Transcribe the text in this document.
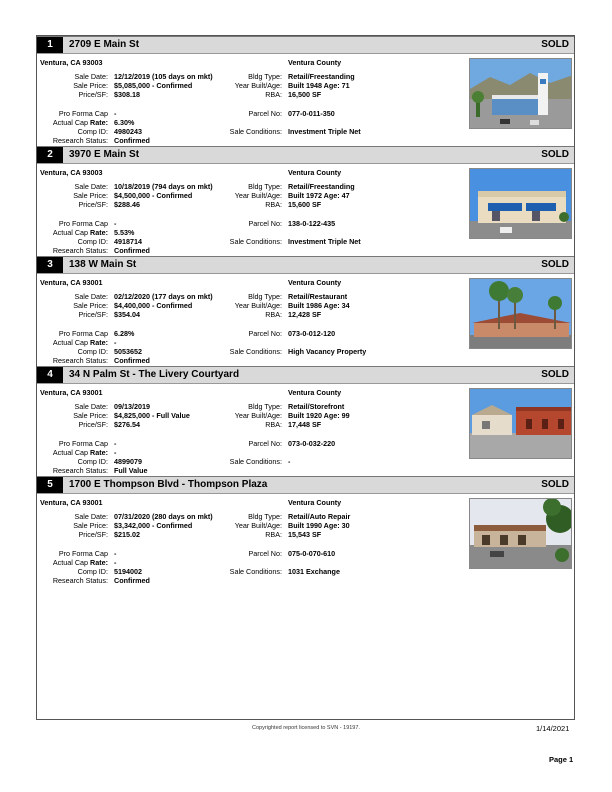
1	2709 E Main St	SOLD
Ventura, CA 93003	Ventura County
Sale Date: 12/12/2019 (105 days on mkt)
Sale Price: $5,085,000 - Confirmed
Price/SF: $308.18
Pro Forma Cap -
Actual Cap Rate: 6.30%
Comp ID: 4980243
Research Status: Confirmed
Bldg Type: Retail/Freestanding
Year Built/Age: Built 1948 Age: 71
RBA: 16,500 SF
Parcel No: 077-0-011-350
Sale Conditions: Investment Triple Net
2	3970 E Main St	SOLD
Ventura, CA 93003	Ventura County
Sale Date: 10/18/2019 (794 days on mkt)
Sale Price: $4,500,000 - Confirmed
Price/SF: $288.46
Pro Forma Cap -
Actual Cap Rate: 5.53%
Comp ID: 4918714
Research Status: Confirmed
Bldg Type: Retail/Freestanding
Year Built/Age: Built 1972 Age: 47
RBA: 15,600 SF
Parcel No: 138-0-122-435
Sale Conditions: Investment Triple Net
3	138 W Main St	SOLD
Ventura, CA 93001	Ventura County
Sale Date: 02/12/2020 (177 days on mkt)
Sale Price: $4,400,000 - Confirmed
Price/SF: $354.04
Pro Forma Cap 6.28%
Actual Cap Rate: -
Comp ID: 5053652
Research Status: Confirmed
Bldg Type: Retail/Restaurant
Year Built/Age: Built 1986 Age: 34
RBA: 12,428 SF
Parcel No: 073-0-012-120
Sale Conditions: High Vacancy Property
4	34 N Palm St - The Livery Courtyard	SOLD
Ventura, CA 93001	Ventura County
Sale Date: 09/13/2019
Sale Price: $4,825,000 - Full Value
Price/SF: $276.54
Pro Forma Cap -
Actual Cap Rate: -
Comp ID: 4899079
Research Status: Full Value
Bldg Type: Retail/Storefront
Year Built/Age: Built 1920 Age: 99
RBA: 17,448 SF
Parcel No: 073-0-032-220
Sale Conditions: -
5	1700 E Thompson Blvd - Thompson Plaza	SOLD
Ventura, CA 93001	Ventura County
Sale Date: 07/31/2020 (280 days on mkt)
Sale Price: $3,342,000 - Confirmed
Price/SF: $215.02
Pro Forma Cap -
Actual Cap Rate: -
Comp ID: 5194002
Research Status: Confirmed
Bldg Type: Retail/Auto Repair
Year Built/Age: Built 1990 Age: 30
RBA: 15,543 SF
Parcel No: 075-0-070-610
Sale Conditions: 1031 Exchange
Copyrighted report licensed to SVN - 19197.	1/14/2021
Page 1
